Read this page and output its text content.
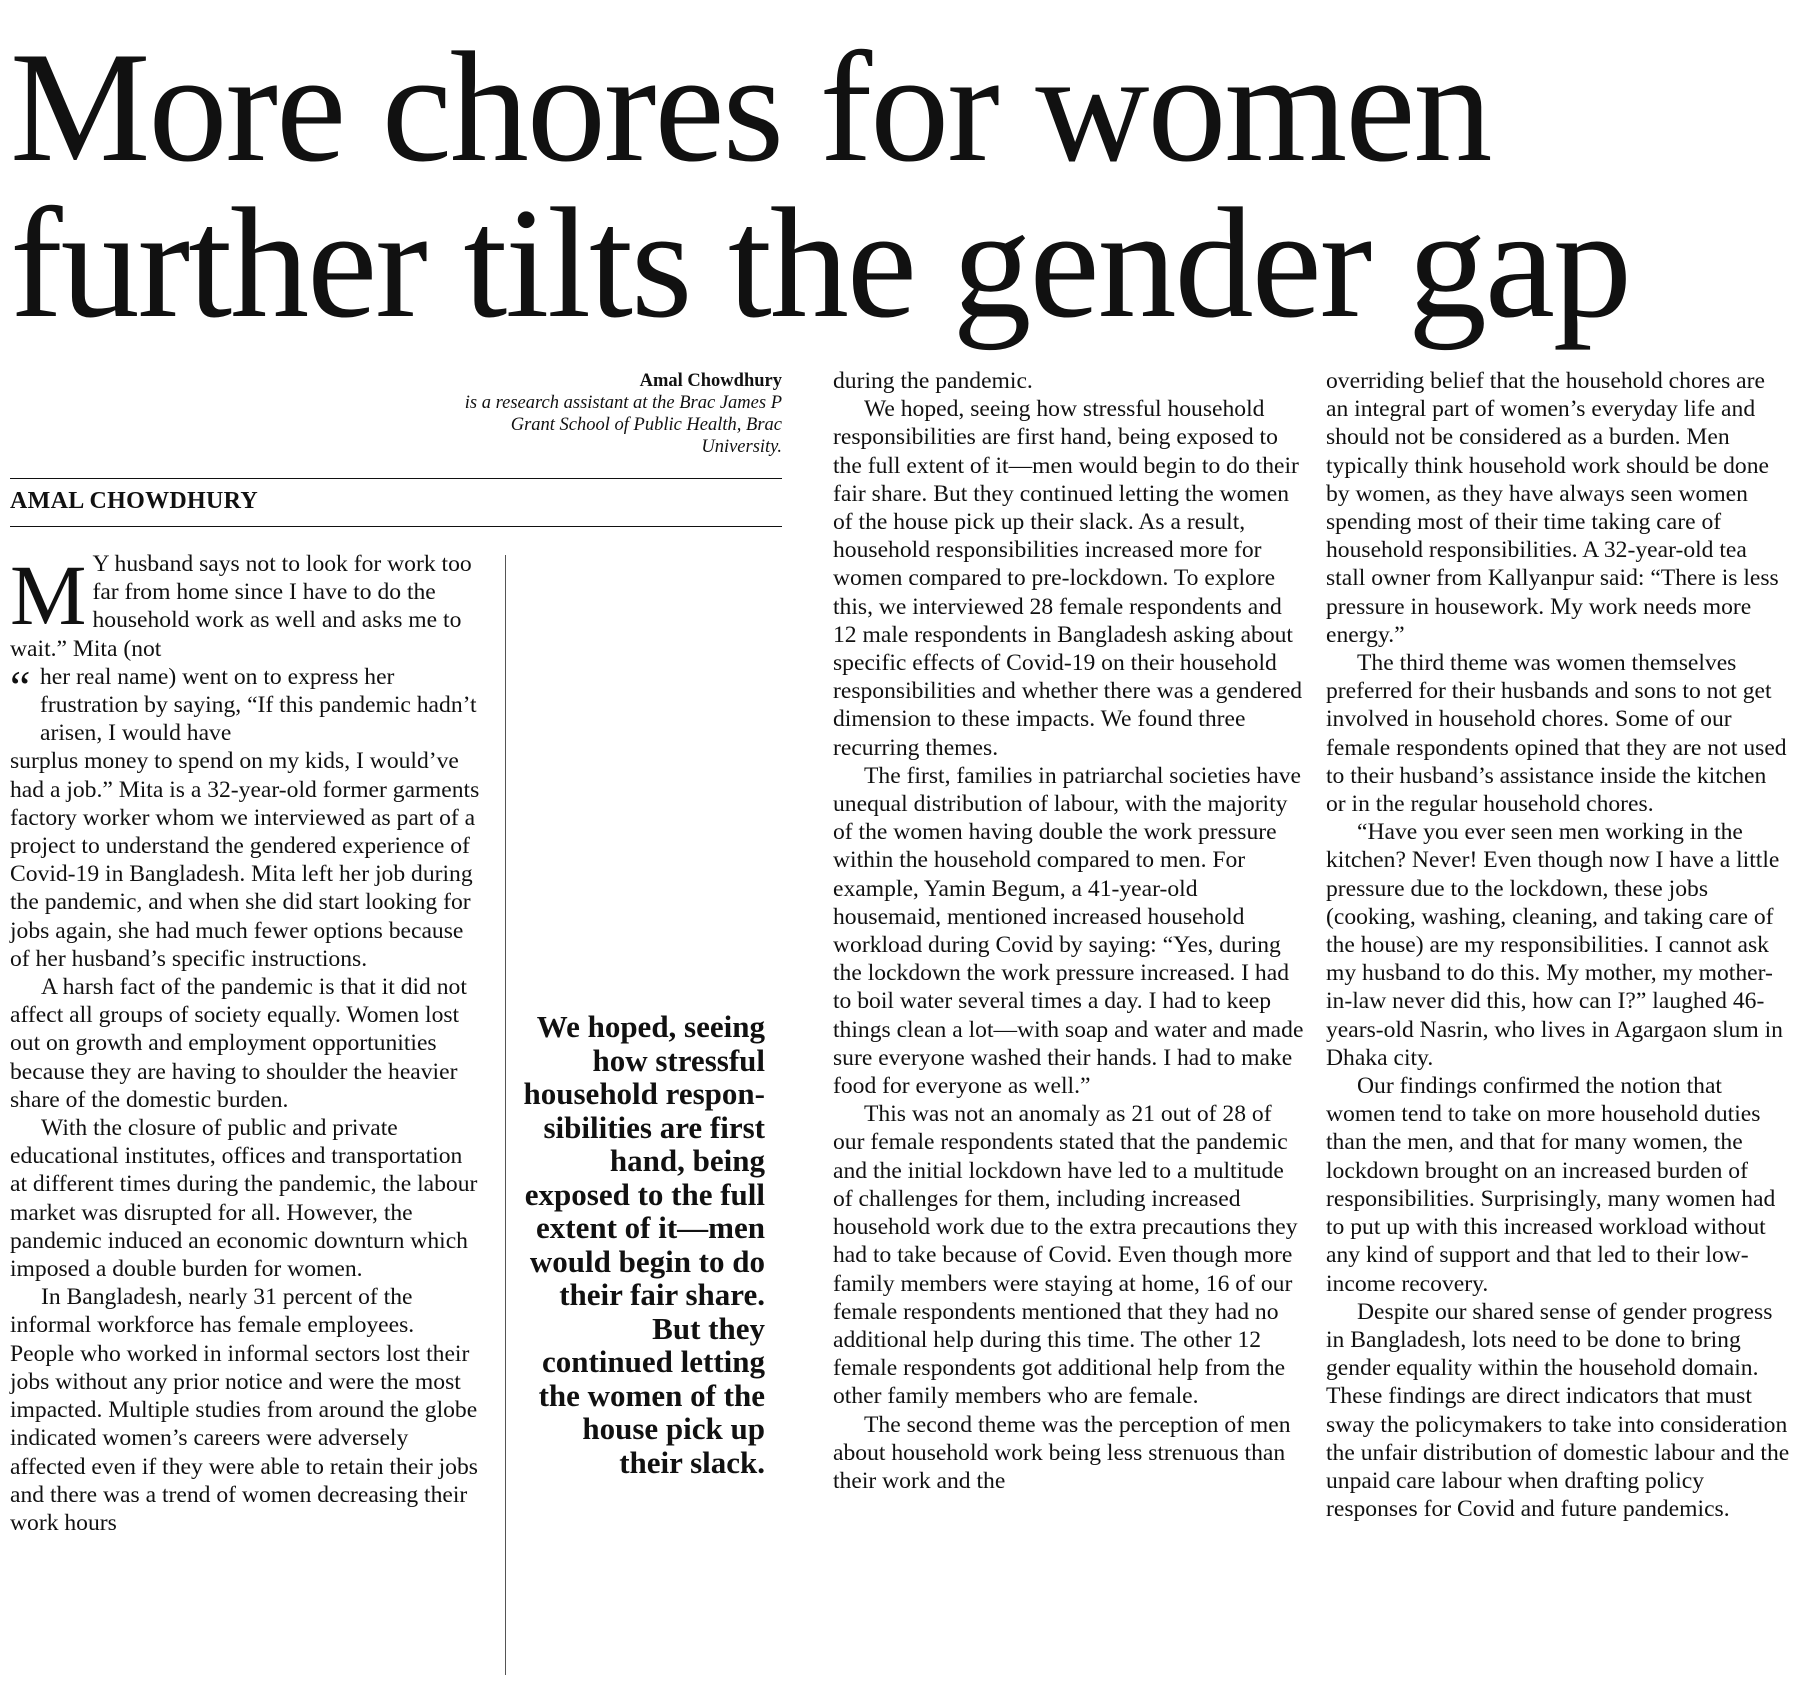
More chores for women
further tilts the gender gap
Amal Chowdhury
is a research assistant at the Brac James P Grant School of Public Health, Brac University.
AMAL CHOWDHURY
“

M Y husband says not to look for work too far from home since I have to do the household work as well and asks me to wait.” Mita (not

her real name) went on to express her frustration by saying, “If this pandemic hadn’t arisen, I would have

surplus money to spend on my kids, I would’ve had a job.” Mita is a 32-year-old former garments factory worker whom we interviewed as part of a project to understand the gendered experience of Covid-19 in Bangladesh. Mita left her job during the pandemic, and when she did start looking for jobs again, she had much fewer options because of her husband’s specific instructions.

A harsh fact of the pandemic is that it did not affect all groups of society equally. Women lost out on growth and employment opportunities because they are having to shoulder the heavier share of the domestic burden.

With the closure of public and private educational institutes, offices and transportation at different times during the pandemic, the labour market was disrupted for all. However, the pandemic induced an economic downturn which imposed a double burden for women.

In Bangladesh, nearly 31 percent of the informal workforce has female employees. People who worked in informal sectors lost their jobs without any prior notice and were the most impacted. Multiple studies from around the globe indicated women’s careers were adversely affected even if they were able to retain their jobs and there was a trend of women decreasing their work hours

We hoped, seeing how stressful household respon-sibilities are first hand, being exposed to the full extent of it—men would begin to do their fair share. But they continued letting the women of the house pick up their slack.

during the pandemic.

We hoped, seeing how stressful household responsibilities are first hand, being exposed to the full extent of it—men would begin to do their fair share. But they continued letting the women of the house pick up their slack. As a result, household responsibilities increased more for women compared to pre-lockdown. To explore this, we interviewed 28 female respondents and 12 male respondents in Bangladesh asking about specific effects of Covid-19 on their household responsibilities and whether there was a gendered dimension to these impacts. We found three recurring themes.

The first, families in patriarchal societies have unequal distribution of labour, with the majority of the women having double the work pressure within the household compared to men. For example, Yamin Begum, a 41-year-old housemaid, mentioned increased household workload during Covid by saying: “Yes, during the lockdown the work pressure increased. I had to boil water several times a day. I had to keep things clean a lot—with soap and water and made sure everyone washed their hands. I had to make food for everyone as well.”

This was not an anomaly as 21 out of 28 of our female respondents stated that the pandemic and the initial lockdown have led to a multitude of challenges for them, including increased household work due to the extra precautions they had to take because of Covid. Even though more family members were staying at home, 16 of our female respondents mentioned that they had no additional help during this time. The other 12 female respondents got additional help from the other family members who are female.

The second theme was the perception of men about household work being less strenuous than their work and the

overriding belief that the household chores are an integral part of women’s everyday life and should not be considered as a burden. Men typically think household work should be done by women, as they have always seen women spending most of their time taking care of household responsibilities. A 32-year-old tea stall owner from Kallyanpur said: “There is less pressure in housework. My work needs more energy.”

The third theme was women themselves preferred for their husbands and sons to not get involved in household chores. Some of our female respondents opined that they are not used to their husband’s assistance inside the kitchen or in the regular household chores.

“Have you ever seen men working in the kitchen? Never! Even though now I have a little pressure due to the lockdown, these jobs (cooking, washing, cleaning, and taking care of the house) are my responsibilities. I cannot ask my husband to do this. My mother, my mother-in-law never did this, how can I?” laughed 46-years-old Nasrin, who lives in Agargaon slum in Dhaka city.

Our findings confirmed the notion that women tend to take on more household duties than the men, and that for many women, the lockdown brought on an increased burden of responsibilities. Surprisingly, many women had to put up with this increased workload without any kind of support and that led to their low-income recovery.

Despite our shared sense of gender progress in Bangladesh, lots need to be done to bring gender equality within the household domain. These findings are direct indicators that must sway the policymakers to take into consideration the unfair distribution of domestic labour and the unpaid care labour when drafting policy responses for Covid and future pandemics.
